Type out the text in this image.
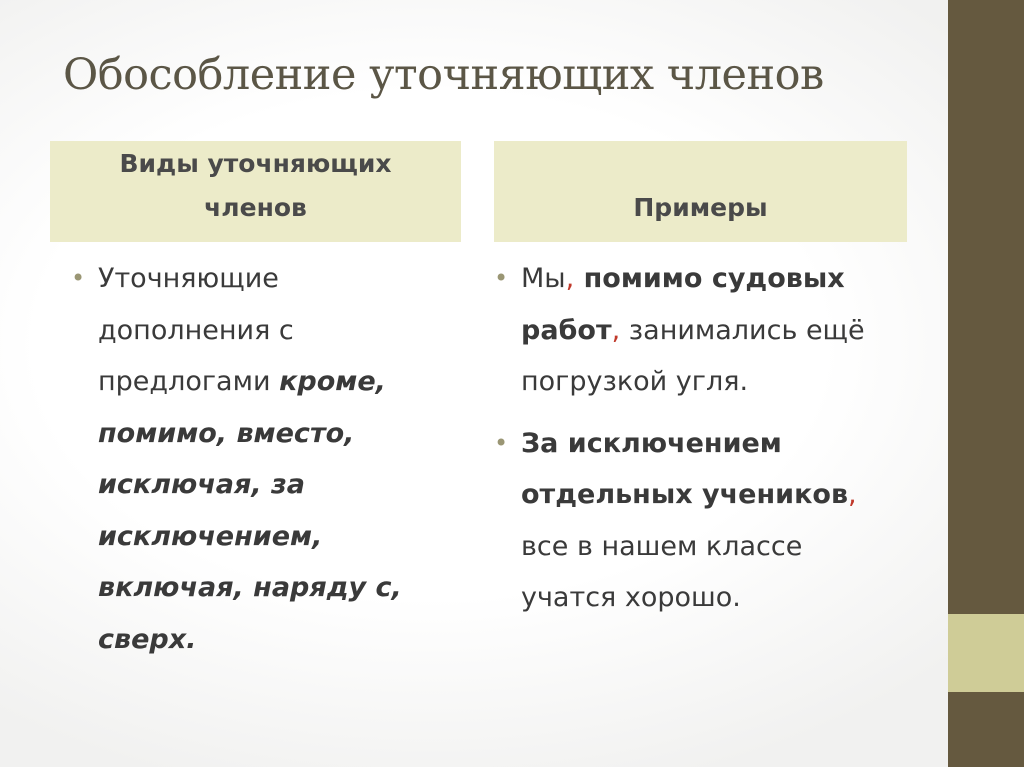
Обособление уточняющих членов
Виды уточняющих
членов	Примеры
• Уточняющие
дополнения с
предлогами кроме,
помимо, вместо,
исключая, за
исключением,
включая, наряду с,
сверх.
• Мы, помимо судовых
работ, занимались ещё
погрузкой угля.
• За исключением
отдельных учеников,
все в нашем классе
учатся хорошо.
